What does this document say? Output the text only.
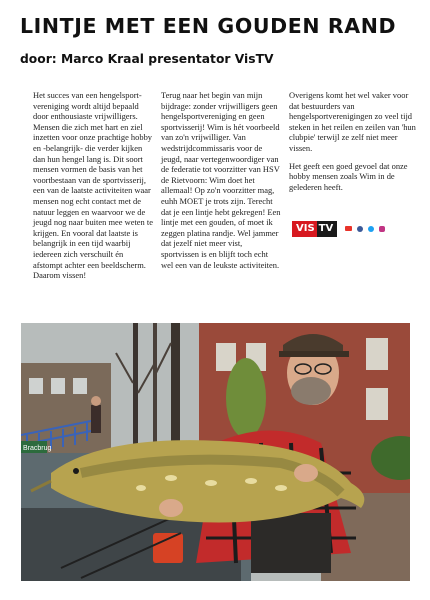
LINTJE MET EEN GOUDEN RAND
door: Marco Kraal presentator VisTV

Het succes van een hengelsport-vereniging wordt altijd bepaald door enthousiaste vrijwilligers. Mensen die zich met hart en ziel inzetten voor onze prachtige hobby en -belangrijk- die verder kijken dan hun hengel lang is. Dit soort mensen vormen de basis van het voortbestaan van de sportvisserij, een van de laatste activiteiten waar mensen nog echt contact met de natuur leggen en waarvoor we de jeugd nog naar buiten mee weten te krijgen. En vooral dat laatste is belangrijk in een tijd waarbij iedereen zich verschuilt én afstompt achter een beeldscherm. Daarom vissen!

Terug naar het begin van mijn bijdrage: zonder vrijwilligers geen hengelsportvereniging en geen sportvisserij! Wim is hét voorbeeld van zo'n vrijwilliger. Van wedstrijdcommissaris voor de jeugd, naar vertegenwoordiger van de federatie tot voorzitter van HSV de Rietvoorn: Wim doet het allemaal! Op zo'n voorzitter mag, euhh MOET je trots zijn. Terecht dat je een lintje hebt gekregen! Een lintje met een gouden, of moet ik zeggen platina randje. Wel jammer dat jezelf niet meer vist, sportvissen is en blijft toch echt wel een van de leukste activiteiten.

Overigens komt het wel vaker voor dat bestuurders van hengelsportverenigingen zo veel tijd steken in het reilen en zeilen van 'hun clubpie' terwijl ze zelf niet meer vissen.

Het geeft een goed gevoel dat onze hobby mensen zoals Wim in de gelederen heeft.

VIS TV
Bracbrug
